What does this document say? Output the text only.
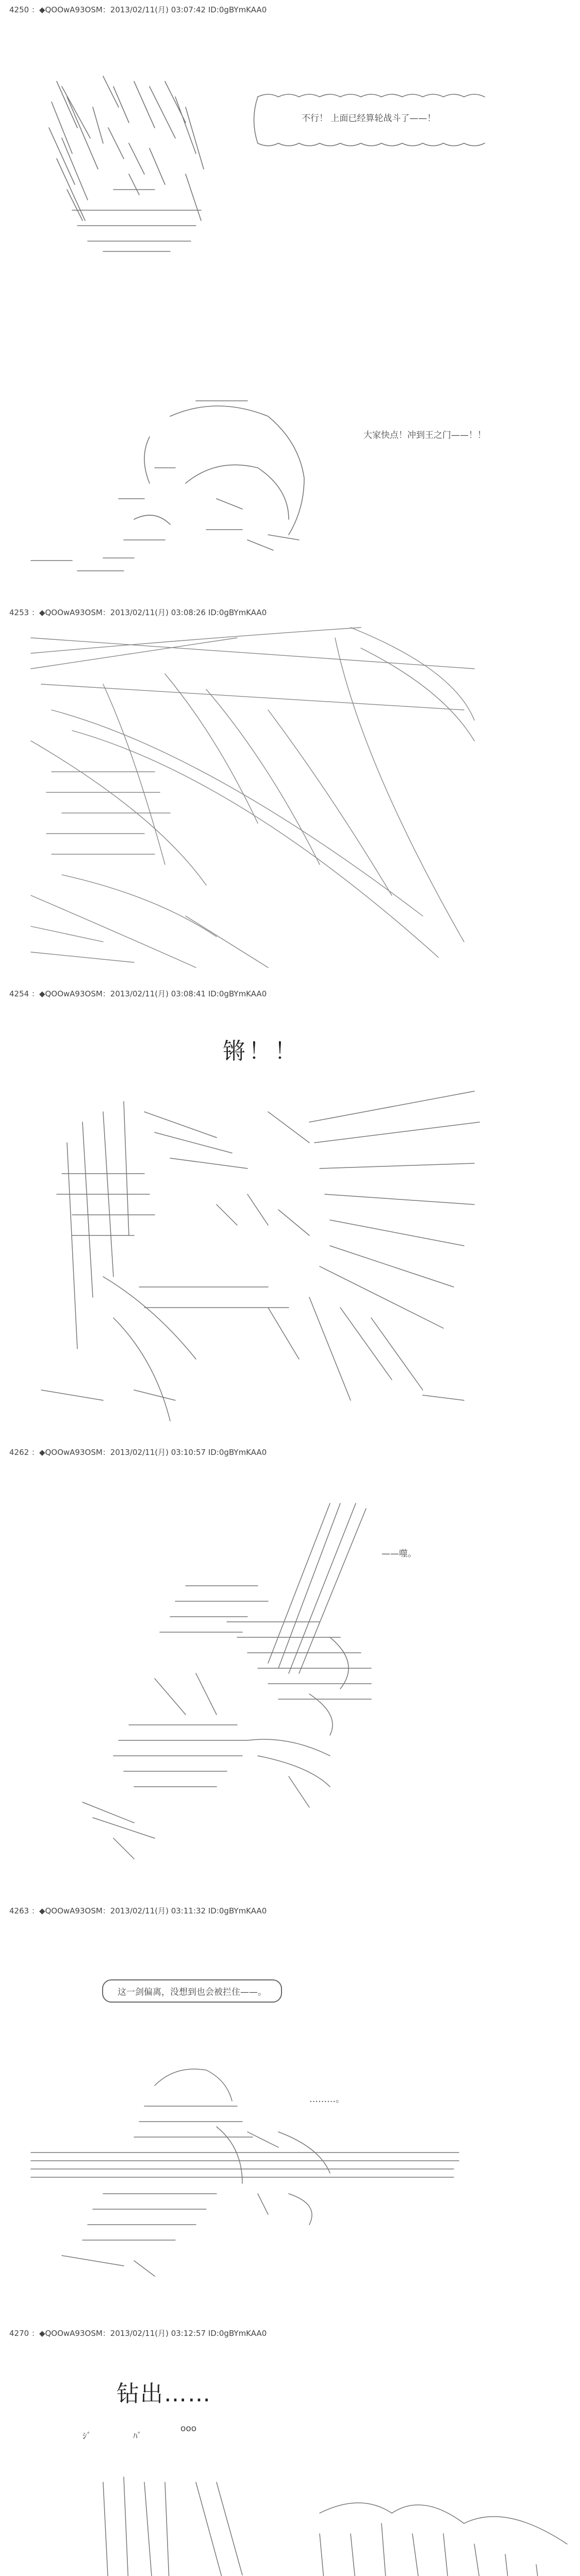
4250 ：◆QOOwA93OSM：2013/02/11(月) 03:07:42 ID:0gBYmKAA0
不行！ 上面已经算轮战斗了——！
大家快点！冲到王之门——！！
4253 ：◆QOOwA93OSM：2013/02/11(月) 03:08:26 ID:0gBYmKAA0
4254 ：◆QOOwA93OSM：2013/02/11(月) 03:08:41 ID:0gBYmKAA0
锵！！
4262 ：◆QOOwA93OSM：2013/02/11(月) 03:10:57 ID:0gBYmKAA0
——噬。
4263 ：◆QOOwA93OSM：2013/02/11(月) 03:11:32 ID:0gBYmKAA0
这一剑偏离，没想到也会被拦住——。
………。
4270 ：◆QOOwA93OSM：2013/02/11(月) 03:12:57 ID:0gBYmKAA0
钻出……
ｼﾞ	ﾊﾞ
ooo
